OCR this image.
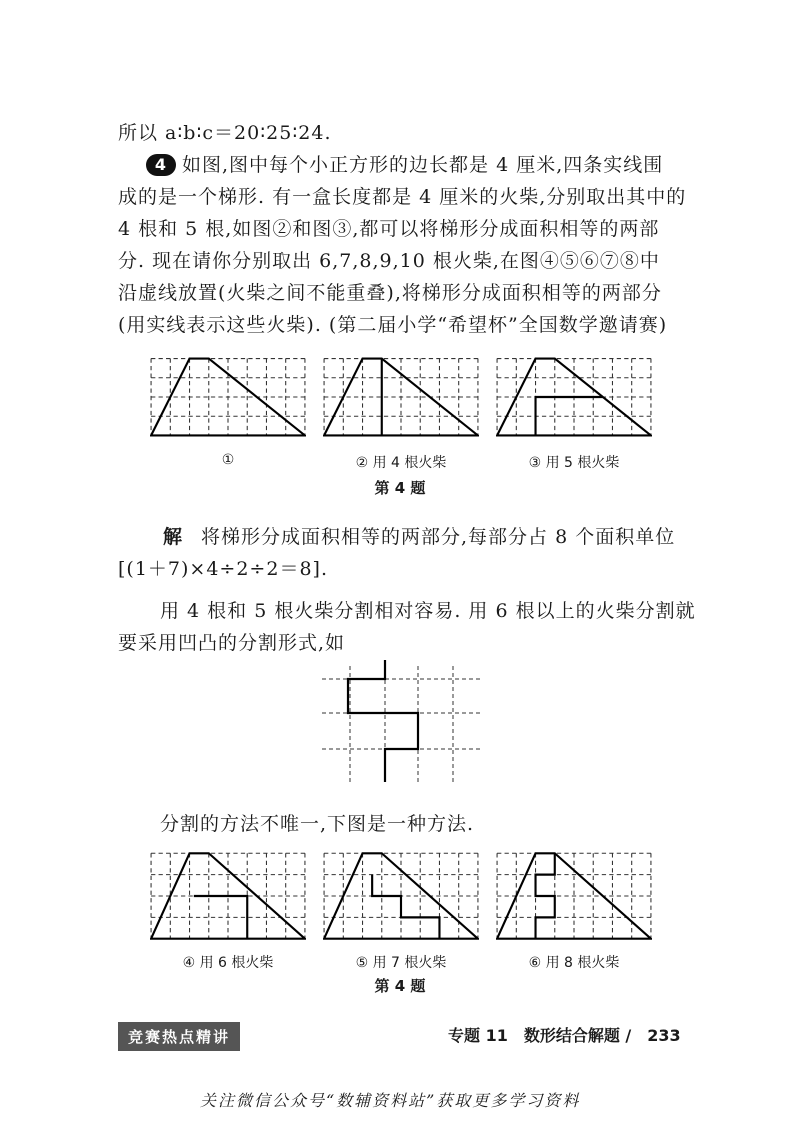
所以 a∶b∶c＝20∶25∶24.
4 如图,图中每个小正方形的边长都是 4 厘米,四条实线围
成的是一个梯形. 有一盒长度都是 4 厘米的火柴,分别取出其中的
4 根和 5 根,如图②和图③,都可以将梯形分成面积相等的两部
分. 现在请你分别取出 6,7,8,9,10 根火柴,在图④⑤⑥⑦⑧中
沿虚线放置(火柴之间不能重叠),将梯形分成面积相等的两部分
(用实线表示这些火柴). (第二届小学“希望杯”全国数学邀请赛)
①	② 用 4 根火柴	③ 用 5 根火柴
第 4 题
解 将梯形分成面积相等的两部分,每部分占 8 个面积单位
[(1＋7)×4÷2÷2＝8].
用 4 根和 5 根火柴分割相对容易. 用 6 根以上的火柴分割就
要采用凹凸的分割形式,如
分割的方法不唯一,下图是一种方法.
④ 用 6 根火柴	⑤ 用 7 根火柴	⑥ 用 8 根火柴
第 4 题
竞赛热点精讲	专题 11　数形结合解题 / 233
关注微信公众号“数辅资料站”获取更多学习资料
